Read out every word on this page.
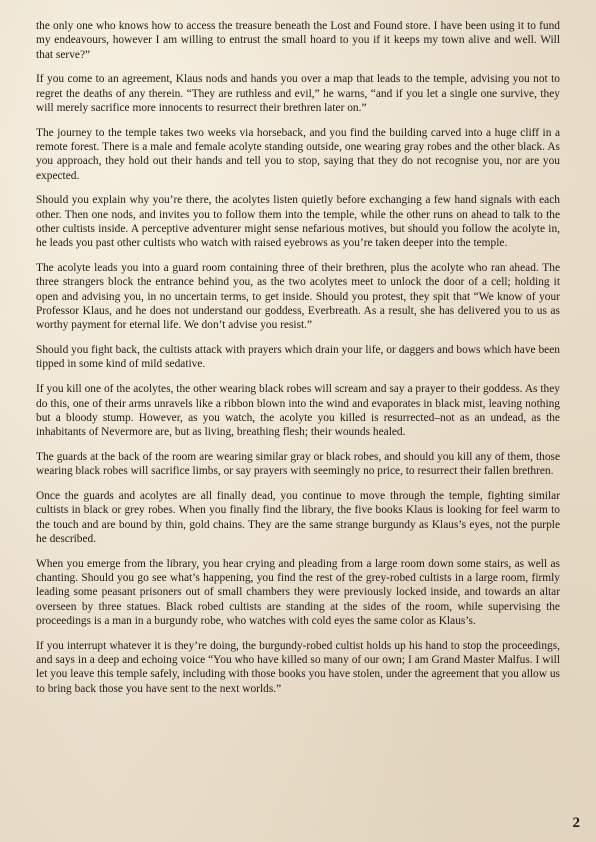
the only one who knows how to access the treasure beneath the Lost and Found store. I have been using it to fund my endeavours, however I am willing to entrust the small hoard to you if it keeps my town alive and well. Will that serve?”

If you come to an agreement, Klaus nods and hands you over a map that leads to the temple, advising you not to regret the deaths of any therein. “They are ruthless and evil,” he warns, “and if you let a single one survive, they will merely sacrifice more innocents to resurrect their brethren later on.”

The journey to the temple takes two weeks via horseback, and you find the building carved into a huge cliff in a remote forest. There is a male and female acolyte standing outside, one wearing gray robes and the other black. As you approach, they hold out their hands and tell you to stop, saying that they do not recognise you, nor are you expected.

Should you explain why you’re there, the acolytes listen quietly before exchanging a few hand signals with each other. Then one nods, and invites you to follow them into the temple, while the other runs on ahead to talk to the other cultists inside. A perceptive adventurer might sense nefarious motives, but should you follow the acolyte in, he leads you past other cultists who watch with raised eyebrows as you’re taken deeper into the temple.

The acolyte leads you into a guard room containing three of their brethren, plus the acolyte who ran ahead. The three strangers block the entrance behind you, as the two acolytes meet to unlock the door of a cell; holding it open and advising you, in no uncertain terms, to get inside. Should you protest, they spit that “We know of your Professor Klaus, and he does not understand our goddess, Everbreath. As a result, she has delivered you to us as worthy payment for eternal life. We don’t advise you resist.”

Should you fight back, the cultists attack with prayers which drain your life, or daggers and bows which have been tipped in some kind of mild sedative.

If you kill one of the acolytes, the other wearing black robes will scream and say a prayer to their goddess. As they do this, one of their arms unravels like a ribbon blown into the wind and evaporates in black mist, leaving nothing but a bloody stump. However, as you watch, the acolyte you killed is resurrected–not as an undead, as the inhabitants of Nevermore are, but as living, breathing flesh; their wounds healed.

The guards at the back of the room are wearing similar gray or black robes, and should you kill any of them, those wearing black robes will sacrifice limbs, or say prayers with seemingly no price, to resurrect their fallen brethren.

Once the guards and acolytes are all finally dead, you continue to move through the temple, fighting similar cultists in black or grey robes. When you finally find the library, the five books Klaus is looking for feel warm to the touch and are bound by thin, gold chains. They are the same strange burgundy as Klaus’s eyes, not the purple he described.

When you emerge from the library, you hear crying and pleading from a large room down some stairs, as well as chanting. Should you go see what’s happening, you find the rest of the grey-robed cultists in a large room, firmly leading some peasant prisoners out of small chambers they were previously locked inside, and towards an altar overseen by three statues. Black robed cultists are standing at the sides of the room, while supervising the proceedings is a man in a burgundy robe, who watches with cold eyes the same color as Klaus’s.

If you interrupt whatever it is they’re doing, the burgundy-robed cultist holds up his hand to stop the proceedings, and says in a deep and echoing voice “You who have killed so many of our own; I am Grand Master Malfus. I will let you leave this temple safely, including with those books you have stolen, under the agreement that you allow us to bring back those you have sent to the next worlds.”

2
